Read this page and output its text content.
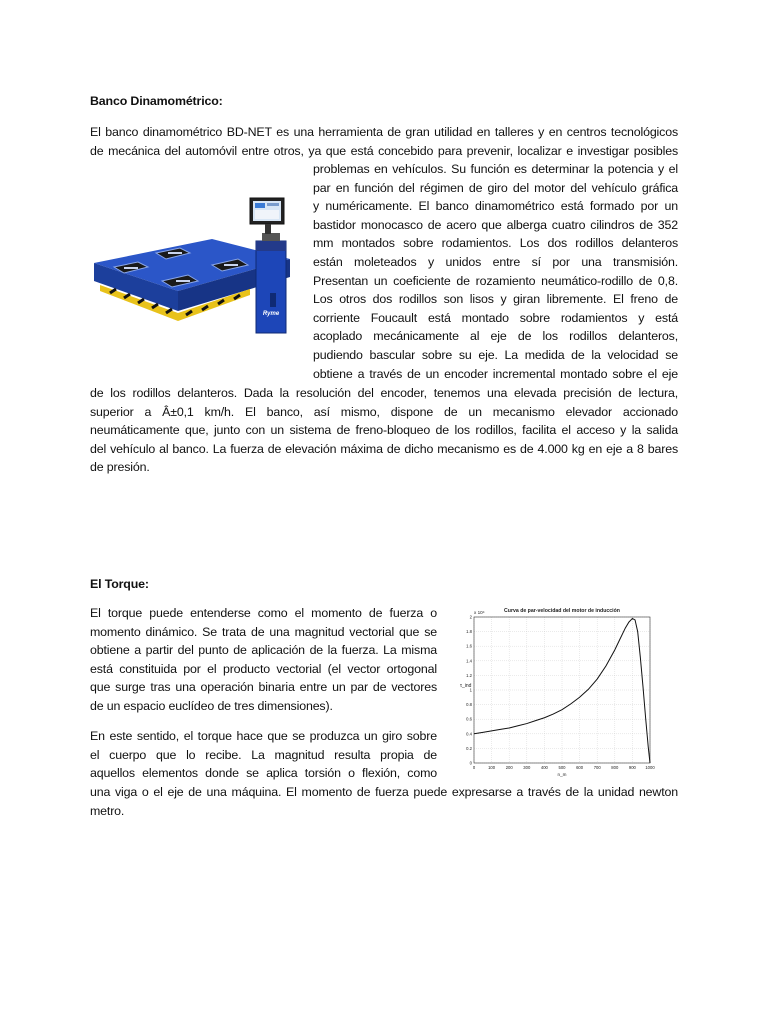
Banco Dinamométrico:
El banco dinamométrico BD-NET es una herramienta de gran utilidad en talleres y en centros tecnológicos
de mecánica del automóvil entre otros, ya que está concebido para prevenir, localizar e investigar posibles
problemas en vehículos. Su función es determinar la potencia y el
par en función del régimen de giro del motor del vehículo gráfica
y numéricamente. El banco dinamométrico está formado por un
bastidor monocasco de acero que alberga cuatro cilindros de 352
mm montados sobre rodamientos. Los dos rodillos delanteros
están moleteados y unidos entre sí por una transmisión.
Presentan un coeficiente de rozamiento neumático-rodillo de 0,8.
Los otros dos rodillos son lisos y giran libremente. El freno de
corriente Foucault está montado sobre rodamientos y está
acoplado mecánicamente al eje de los rodillos delanteros,
pudiendo bascular sobre su eje. La medida de la velocidad se
obtiene a través de un encoder incremental montado sobre el eje
de los rodillos delanteros. Dada la resolución del encoder, tenemos una elevada precisión de lectura,
superior a Â±0,1 km/h. El banco, así mismo, dispone de un mecanismo elevador accionado
neumáticamente que, junto con un sistema de freno-bloqueo de los rodillos, facilita el acceso y la salida
del vehículo al banco. La fuerza de elevación máxima de dicho mecanismo es de 4.000 kg en eje a 8 bares
de presión.
Ryme
El Torque:
El torque puede entenderse como el momento de fuerza o
momento dinámico. Se trata de una magnitud vectorial que se
obtiene a partir del punto de aplicación de la fuerza. La misma
está constituida por el producto vectorial (el vector ortogonal
que surge tras una operación binaria entre un par de vectores
de un espacio euclídeo de tres dimensiones).
En este sentido, el torque hace que se produzca un giro sobre
el cuerpo que lo recibe. La magnitud resulta propia de
aquellos elementos donde se aplica torsión o flexión, como
una viga o el eje de una máquina. El momento de fuerza puede expresarse a través de la unidad newton
metro.
Curva de par-velocidad del motor de inducción
x 10⁴
τ_ind
n_m
0	100	200	300	400	500	600	700	800	900 1000
0
0.2
0.4
0.6
0.8
1
1.2
1.4
1.6
1.8
2
